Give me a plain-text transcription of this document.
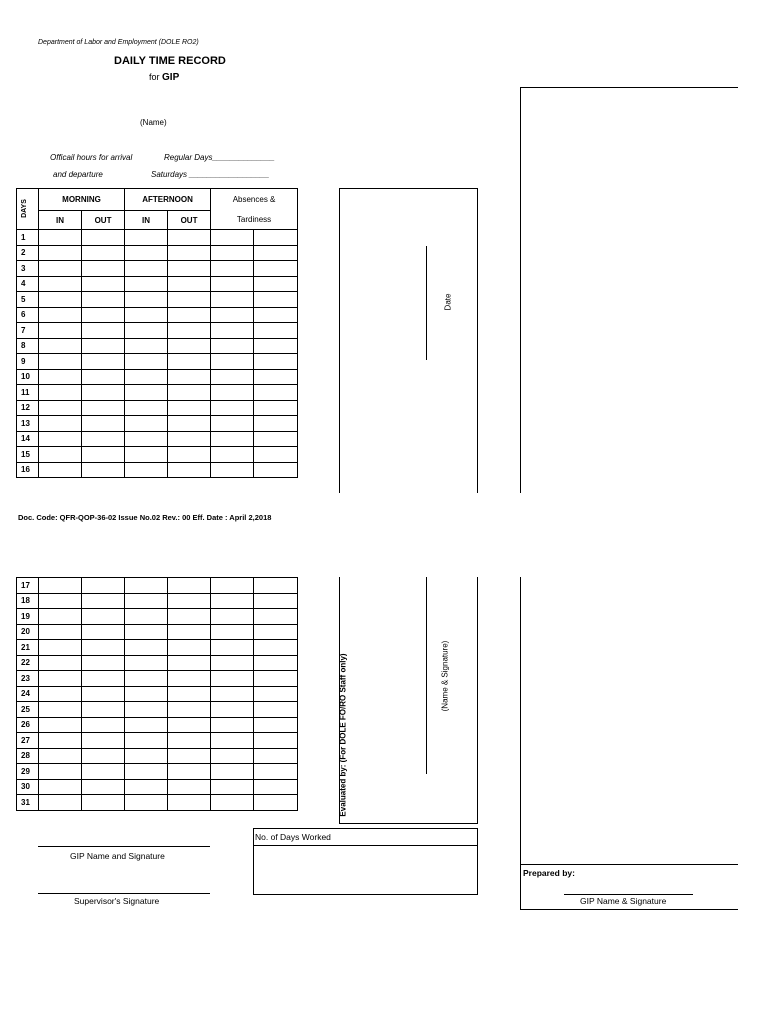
Department of Labor and Employment (DOLE RO2)
DAILY TIME RECORD
for GIP
(Name)
Officail hours for arrival
and departure
Regular Days______________
Saturdays __________________
DAYS	MORNING		AFTERNOON		Absences &	
	IN	OUT	IN	OUT	Tardiness	
1						
2						
3						
4						
5						
6						
7						
8						
9						
10						
11						
12						
13						
14						
15						
16						
Doc. Code: QFR-QOP-36-02 Issue No.02 Rev.: 00 Eff. Date : April 2,2018
17						
18						
19						
20						
21						
22						
23						
24						
25						
26						
27						
28						
29						
30						
31						
Date
(Name & Signature)
Evaluated by: (For DOLE FO/RO Staff only)
No. of Days Worked
Prepared by:
GIP Name & Signature
GIP Name and Signature
Supervisor's Signature
